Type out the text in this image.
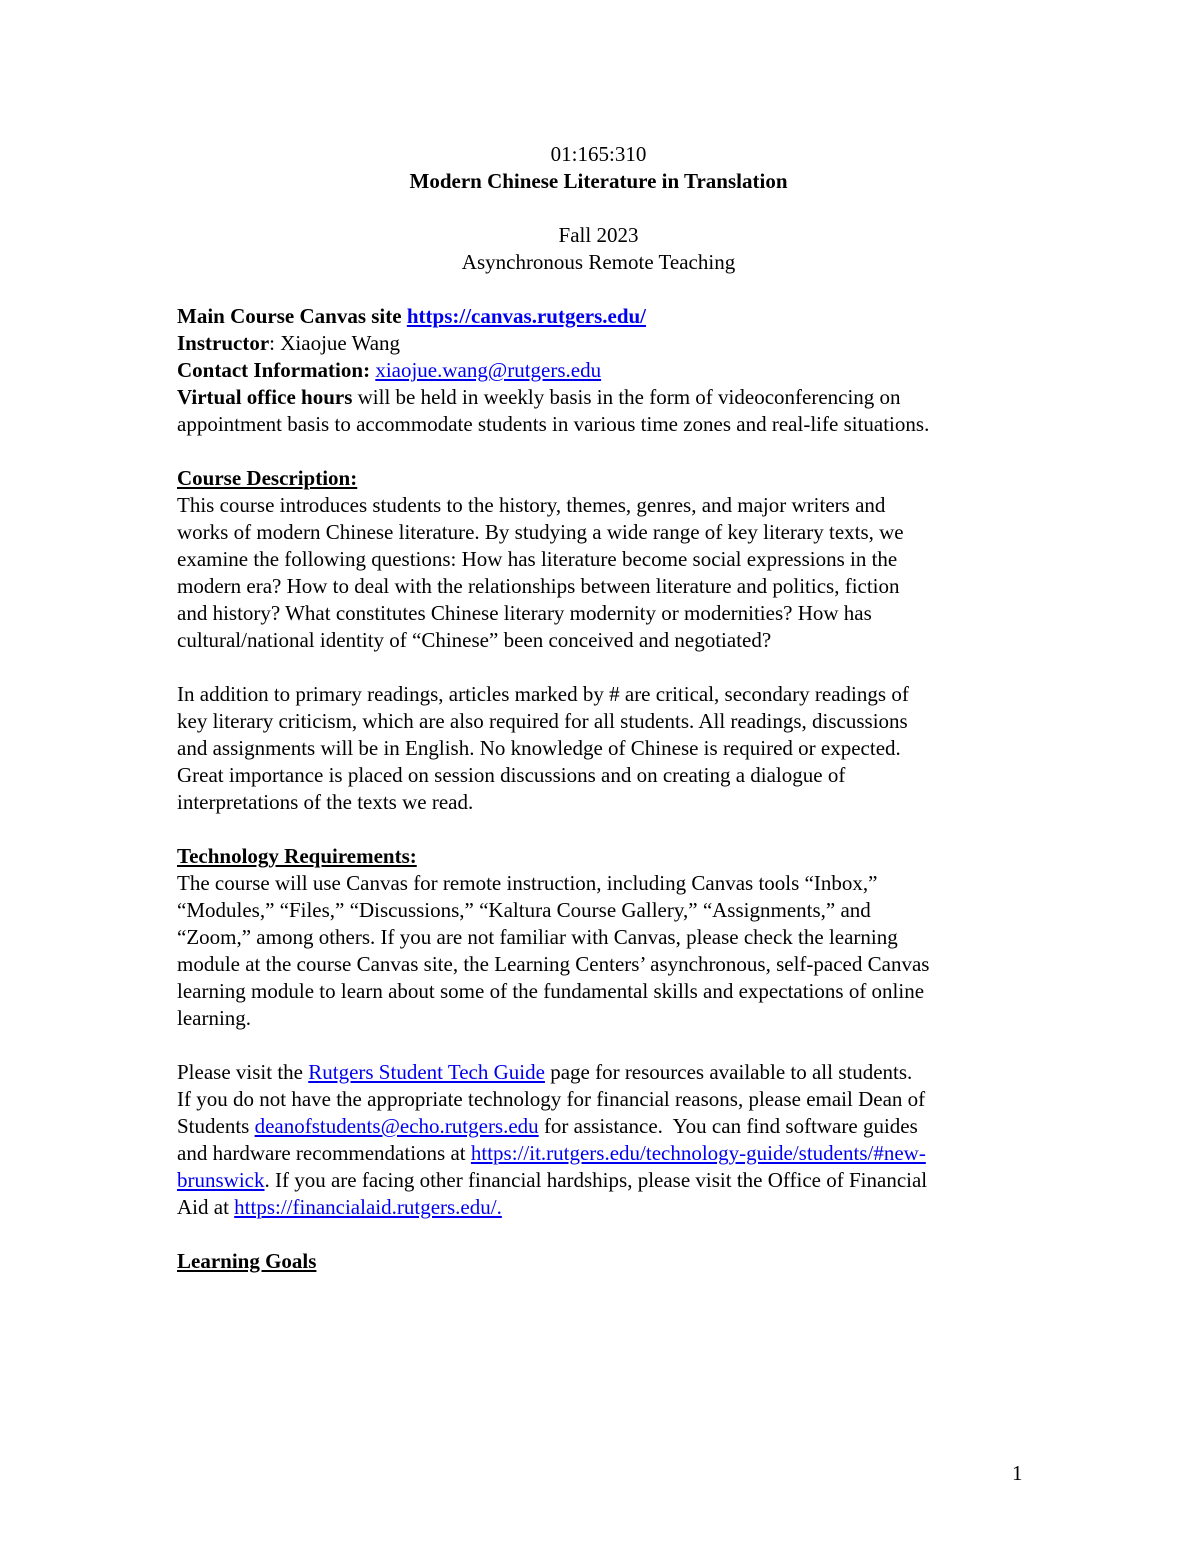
01:165:310
Modern Chinese Literature in Translation
Fall 2023
Asynchronous Remote Teaching
Main Course Canvas site https://canvas.rutgers.edu/
Instructor: Xiaojue Wang
Contact Information: xiaojue.wang@rutgers.edu
Virtual office hours will be held in weekly basis in the form of videoconferencing on
appointment basis to accommodate students in various time zones and real-life situations.
Course Description:

This course introduces students to the history, themes, genres, and major writers and

works of modern Chinese literature. By studying a wide range of key literary texts, we

examine the following questions: How has literature become social expressions in the

modern era? How to deal with the relationships between literature and politics, fiction

and history? What constitutes Chinese literary modernity or modernities? How has

cultural/national identity of “Chinese” been conceived and negotiated?

In addition to primary readings, articles marked by # are critical, secondary readings of

key literary criticism, which are also required for all students. All readings, discussions

and assignments will be in English. No knowledge of Chinese is required or expected.

Great importance is placed on session discussions and on creating a dialogue of

interpretations of the texts we read.

Technology Requirements:

The course will use Canvas for remote instruction, including Canvas tools “Inbox,”

“Modules,” “Files,” “Discussions,” “Kaltura Course Gallery,” “Assignments,” and

“Zoom,” among others. If you are not familiar with Canvas, please check the learning

module at the course Canvas site, the Learning Centers’ asynchronous, self-paced Canvas

learning module to learn about some of the fundamental skills and expectations of online

learning.

Please visit the Rutgers Student Tech Guide page for resources available to all students.

If you do not have the appropriate technology for financial reasons, please email Dean of

Students deanofstudents@echo.rutgers.edu for assistance.  You can find software guides

and hardware recommendations at https://it.rutgers.edu/technology-guide/students/#new-

brunswick. If you are facing other financial hardships, please visit the Office of Financial

Aid at https://financialaid.rutgers.edu/.

Learning Goals
1
